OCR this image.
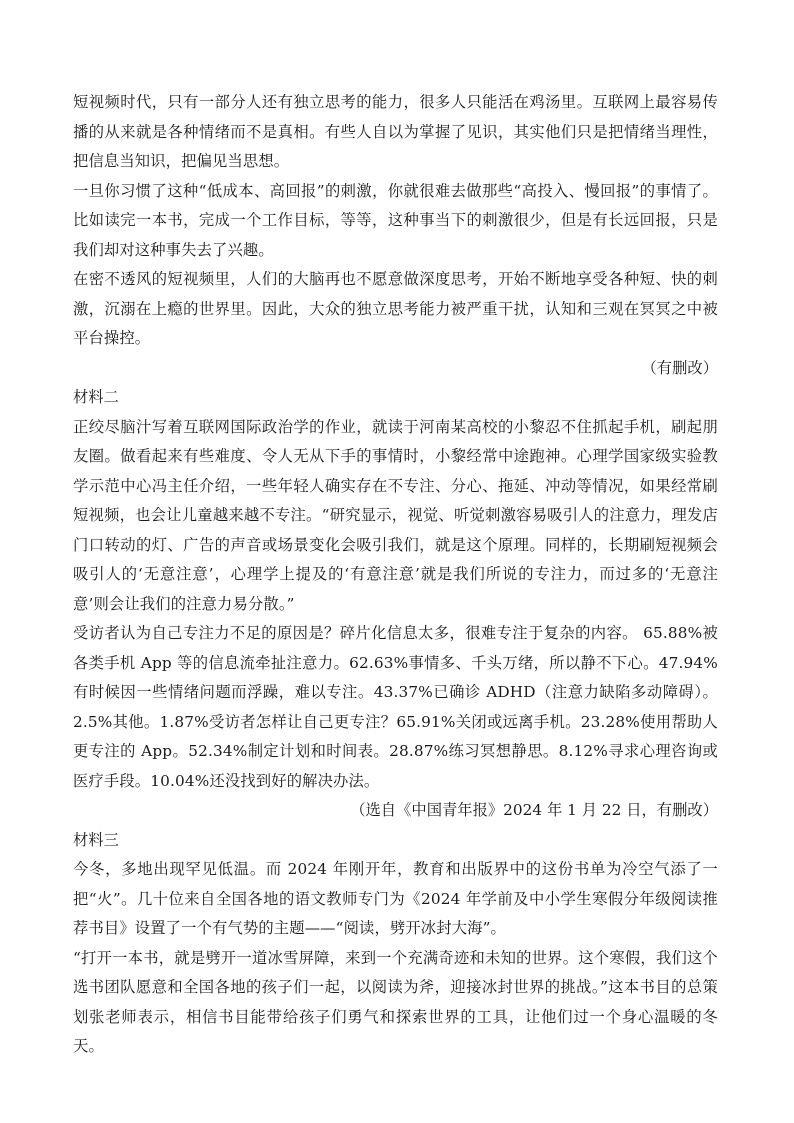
短视频时代，只有一部分人还有独立思考的能力，很多人只能活在鸡汤里。互联网上最容易传播的从来就是各种情绪而不是真相。有些人自以为掌握了见识，其实他们只是把情绪当理性，把信息当知识，把偏见当思想。

一旦你习惯了这种“低成本、高回报”的刺激，你就很难去做那些“高投入、慢回报”的事情了。比如读完一本书，完成一个工作目标，等等，这种事当下的刺激很少，但是有长远回报，只是我们却对这种事失去了兴趣。

在密不透风的短视频里，人们的大脑再也不愿意做深度思考，开始不断地享受各种短、快的刺激，沉溺在上瘾的世界里。因此，大众的独立思考能力被严重干扰，认知和三观在冥冥之中被平台操控。

（有删改）

材料二

正绞尽脑汁写着互联网国际政治学的作业，就读于河南某高校的小黎忍不住抓起手机，刷起朋友圈。做看起来有些难度、令人无从下手的事情时，小黎经常中途跑神。心理学国家级实验教学示范中心冯主任介绍，一些年轻人确实存在不专注、分心、拖延、冲动等情况，如果经常刷短视频，也会让儿童越来越不专注。“研究显示，视觉、听觉刺激容易吸引人的注意力，理发店门口转动的灯、广告的声音或场景变化会吸引我们，就是这个原理。同样的，长期刷短视频会吸引人的‘无意注意’，心理学上提及的‘有意注意’就是我们所说的专注力，而过多的‘无意注意’则会让我们的注意力易分散。”

受访者认为自己专注力不足的原因是？碎片化信息太多，很难专注于复杂的内容。 65.88%被各类手机 App 等的信息流牵扯注意力。62.63%事情多、千头万绪，所以静不下心。47.94%有时候因一些情绪问题而浮躁，难以专注。43.37%已确诊 ADHD（注意力缺陷多动障碍）。2.5%其他。1.87%受访者怎样让自己更专注？65.91%关闭或远离手机。23.28%使用帮助人更专注的 App。52.34%制定计划和时间表。28.87%练习冥想静思。8.12%寻求心理咨询或医疗手段。10.04%还没找到好的解决办法。

（选自《中国青年报》2024 年 1 月 22 日，有删改）

材料三

今冬，多地出现罕见低温。而 2024 年刚开年，教育和出版界中的这份书单为冷空气添了一把“火”。几十位来自全国各地的语文教师专门为《2024 年学前及中小学生寒假分年级阅读推荐书目》设置了一个有气势的主题——“阅读，劈开冰封大海”。

“打开一本书，就是劈开一道冰雪屏障，来到一个充满奇迹和未知的世界。这个寒假，我们这个选书团队愿意和全国各地的孩子们一起，以阅读为斧，迎接冰封世界的挑战。”这本书目的总策划张老师表示，相信书目能带给孩子们勇气和探索世界的工具，让他们过一个身心温暖的冬天。
